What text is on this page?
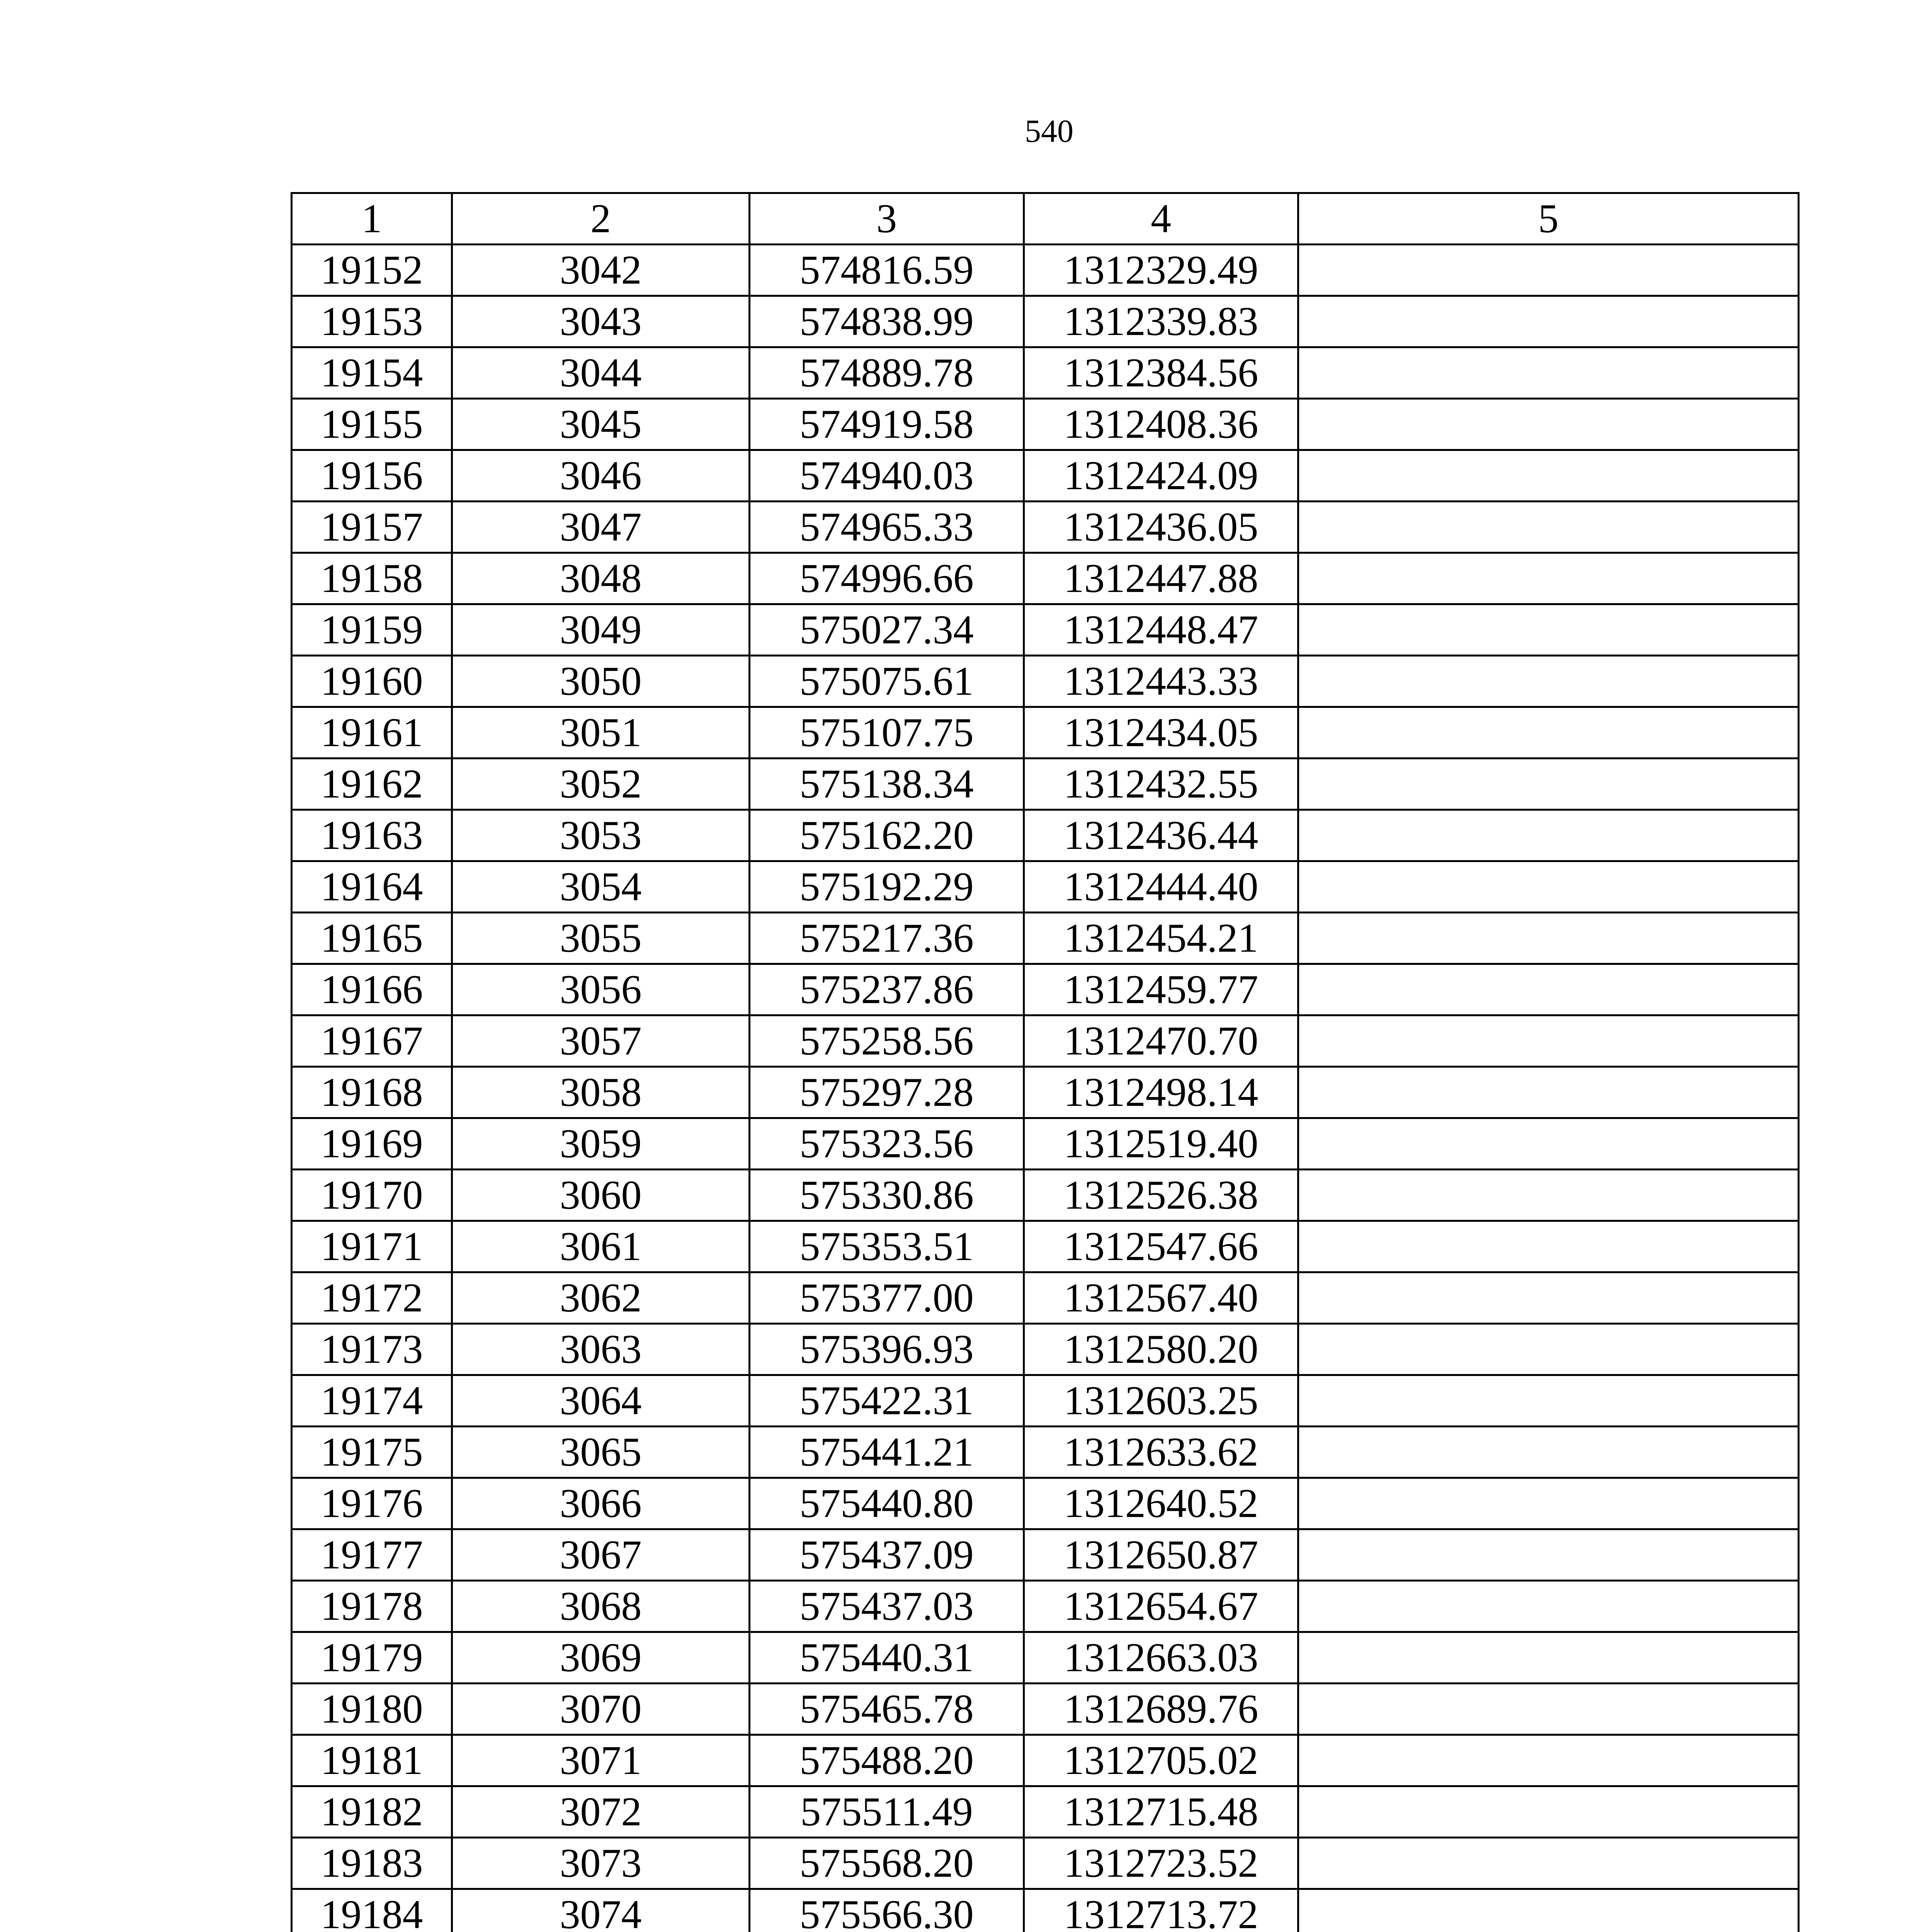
540
1	2	3	4	5
19152	3042	574816.59	1312329.49	
19153	3043	574838.99	1312339.83	
19154	3044	574889.78	1312384.56	
19155	3045	574919.58	1312408.36	
19156	3046	574940.03	1312424.09	
19157	3047	574965.33	1312436.05	
19158	3048	574996.66	1312447.88	
19159	3049	575027.34	1312448.47	
19160	3050	575075.61	1312443.33	
19161	3051	575107.75	1312434.05	
19162	3052	575138.34	1312432.55	
19163	3053	575162.20	1312436.44	
19164	3054	575192.29	1312444.40	
19165	3055	575217.36	1312454.21	
19166	3056	575237.86	1312459.77	
19167	3057	575258.56	1312470.70	
19168	3058	575297.28	1312498.14	
19169	3059	575323.56	1312519.40	
19170	3060	575330.86	1312526.38	
19171	3061	575353.51	1312547.66	
19172	3062	575377.00	1312567.40	
19173	3063	575396.93	1312580.20	
19174	3064	575422.31	1312603.25	
19175	3065	575441.21	1312633.62	
19176	3066	575440.80	1312640.52	
19177	3067	575437.09	1312650.87	
19178	3068	575437.03	1312654.67	
19179	3069	575440.31	1312663.03	
19180	3070	575465.78	1312689.76	
19181	3071	575488.20	1312705.02	
19182	3072	575511.49	1312715.48	
19183	3073	575568.20	1312723.52	
19184	3074	575566.30	1312713.72	
